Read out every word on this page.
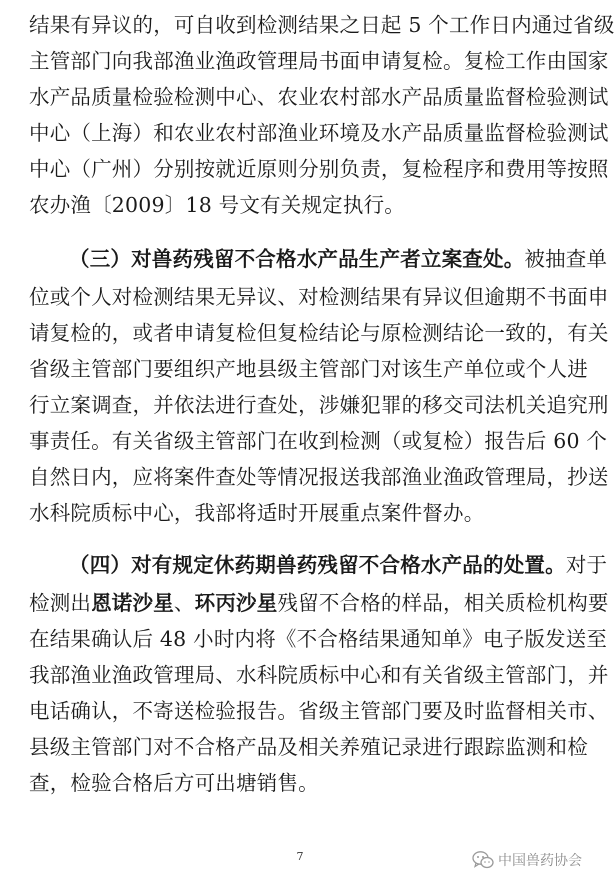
结果有异议的，可自收到检测结果之日起 5 个工作日内通过省级
主管部门向我部渔业渔政管理局书面申请复检。复检工作由国家
水产品质量检验检测中心、农业农村部水产品质量监督检验测试
中心（上海）和农业农村部渔业环境及水产品质量监督检验测试
中心（广州）分别按就近原则分别负责，复检程序和费用等按照
农办渔〔2009〕18 号文有关规定执行。
（三）对兽药残留不合格水产品生产者立案查处。被抽查单
位或个人对检测结果无异议、对检测结果有异议但逾期不书面申
请复检的，或者申请复检但复检结论与原检测结论一致的，有关
省级主管部门要组织产地县级主管部门对该生产单位或个人进
行立案调查，并依法进行查处，涉嫌犯罪的移交司法机关追究刑
事责任。有关省级主管部门在收到检测（或复检）报告后 60 个
自然日内，应将案件查处等情况报送我部渔业渔政管理局，抄送
水科院质标中心，我部将适时开展重点案件督办。
（四）对有规定休药期兽药残留不合格水产品的处置。对于
检测出恩诺沙星、环丙沙星残留不合格的样品，相关质检机构要
在结果确认后 48 小时内将《不合格结果通知单》电子版发送至
我部渔业渔政管理局、水科院质标中心和有关省级主管部门，并
电话确认，不寄送检验报告。省级主管部门要及时监督相关市、
县级主管部门对不合格产品及相关养殖记录进行跟踪监测和检
查，检验合格后方可出塘销售。
7	中国兽药协会
